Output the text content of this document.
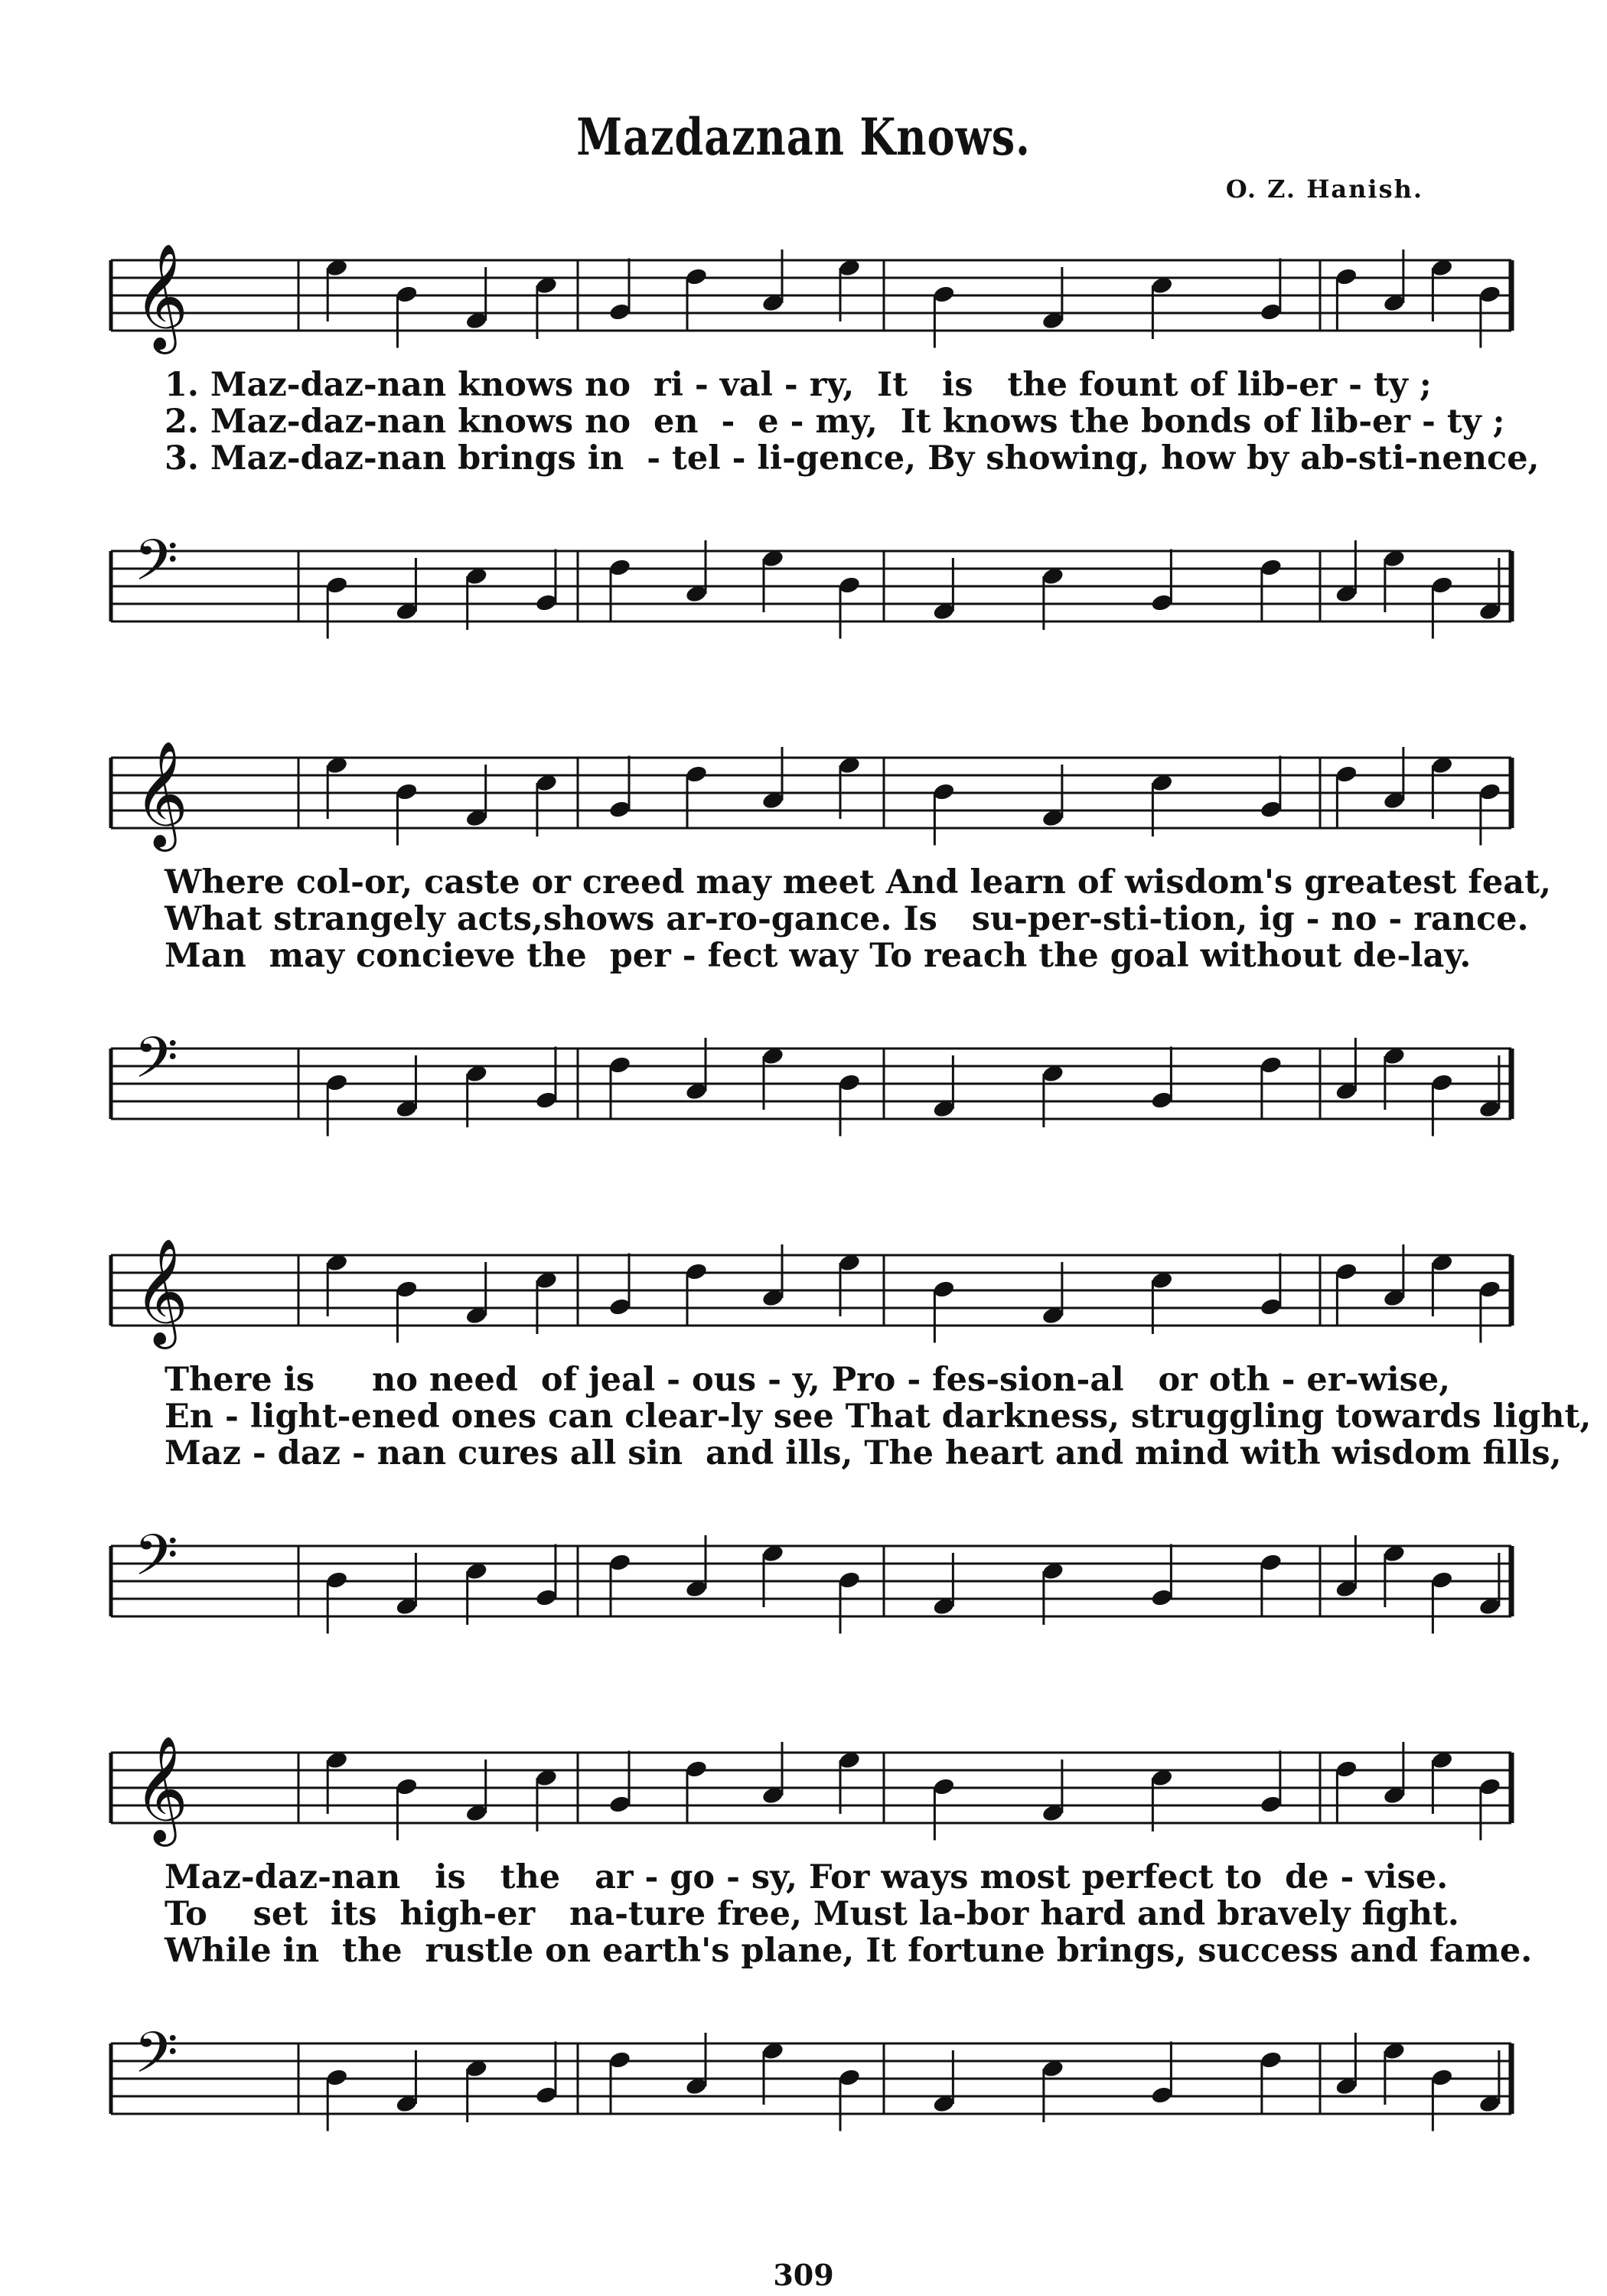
Mazdaznan Knows.
O. Z. Hanish.
𝄞
1. Maz-daz-nan knows no  ri - val - ry,  It   is   the fount of lib-er - ty ;
2. Maz-daz-nan knows no  en  -  e - my,  It knows the bonds of lib-er - ty ;
3. Maz-daz-nan brings in  - tel - li-gence, By showing, how by ab-sti-nence,
𝄢
𝄞
Where col-or, caste or creed may meet And learn of wisdom's greatest feat,
What strangely acts,shows ar-ro-gance. Is   su-per-sti-tion, ig - no - rance.
Man  may concieve the  per - fect way To reach the goal without de-lay.
𝄢
𝄞
There is     no need  of jeal - ous - y, Pro - fes-sion-al   or oth - er-wise,
En - light-ened ones can clear-ly see That darkness, struggling towards light,
Maz - daz - nan cures all sin  and ills, The heart and mind with wisdom fills,
𝄢
𝄞
Maz-daz-nan   is   the   ar - go - sy, For ways most perfect to  de - vise.
To    set  its  high-er   na-ture free, Must la-bor hard and bravely fight.
While in  the  rustle on earth's plane, It fortune brings, success and fame.
𝄢
309
